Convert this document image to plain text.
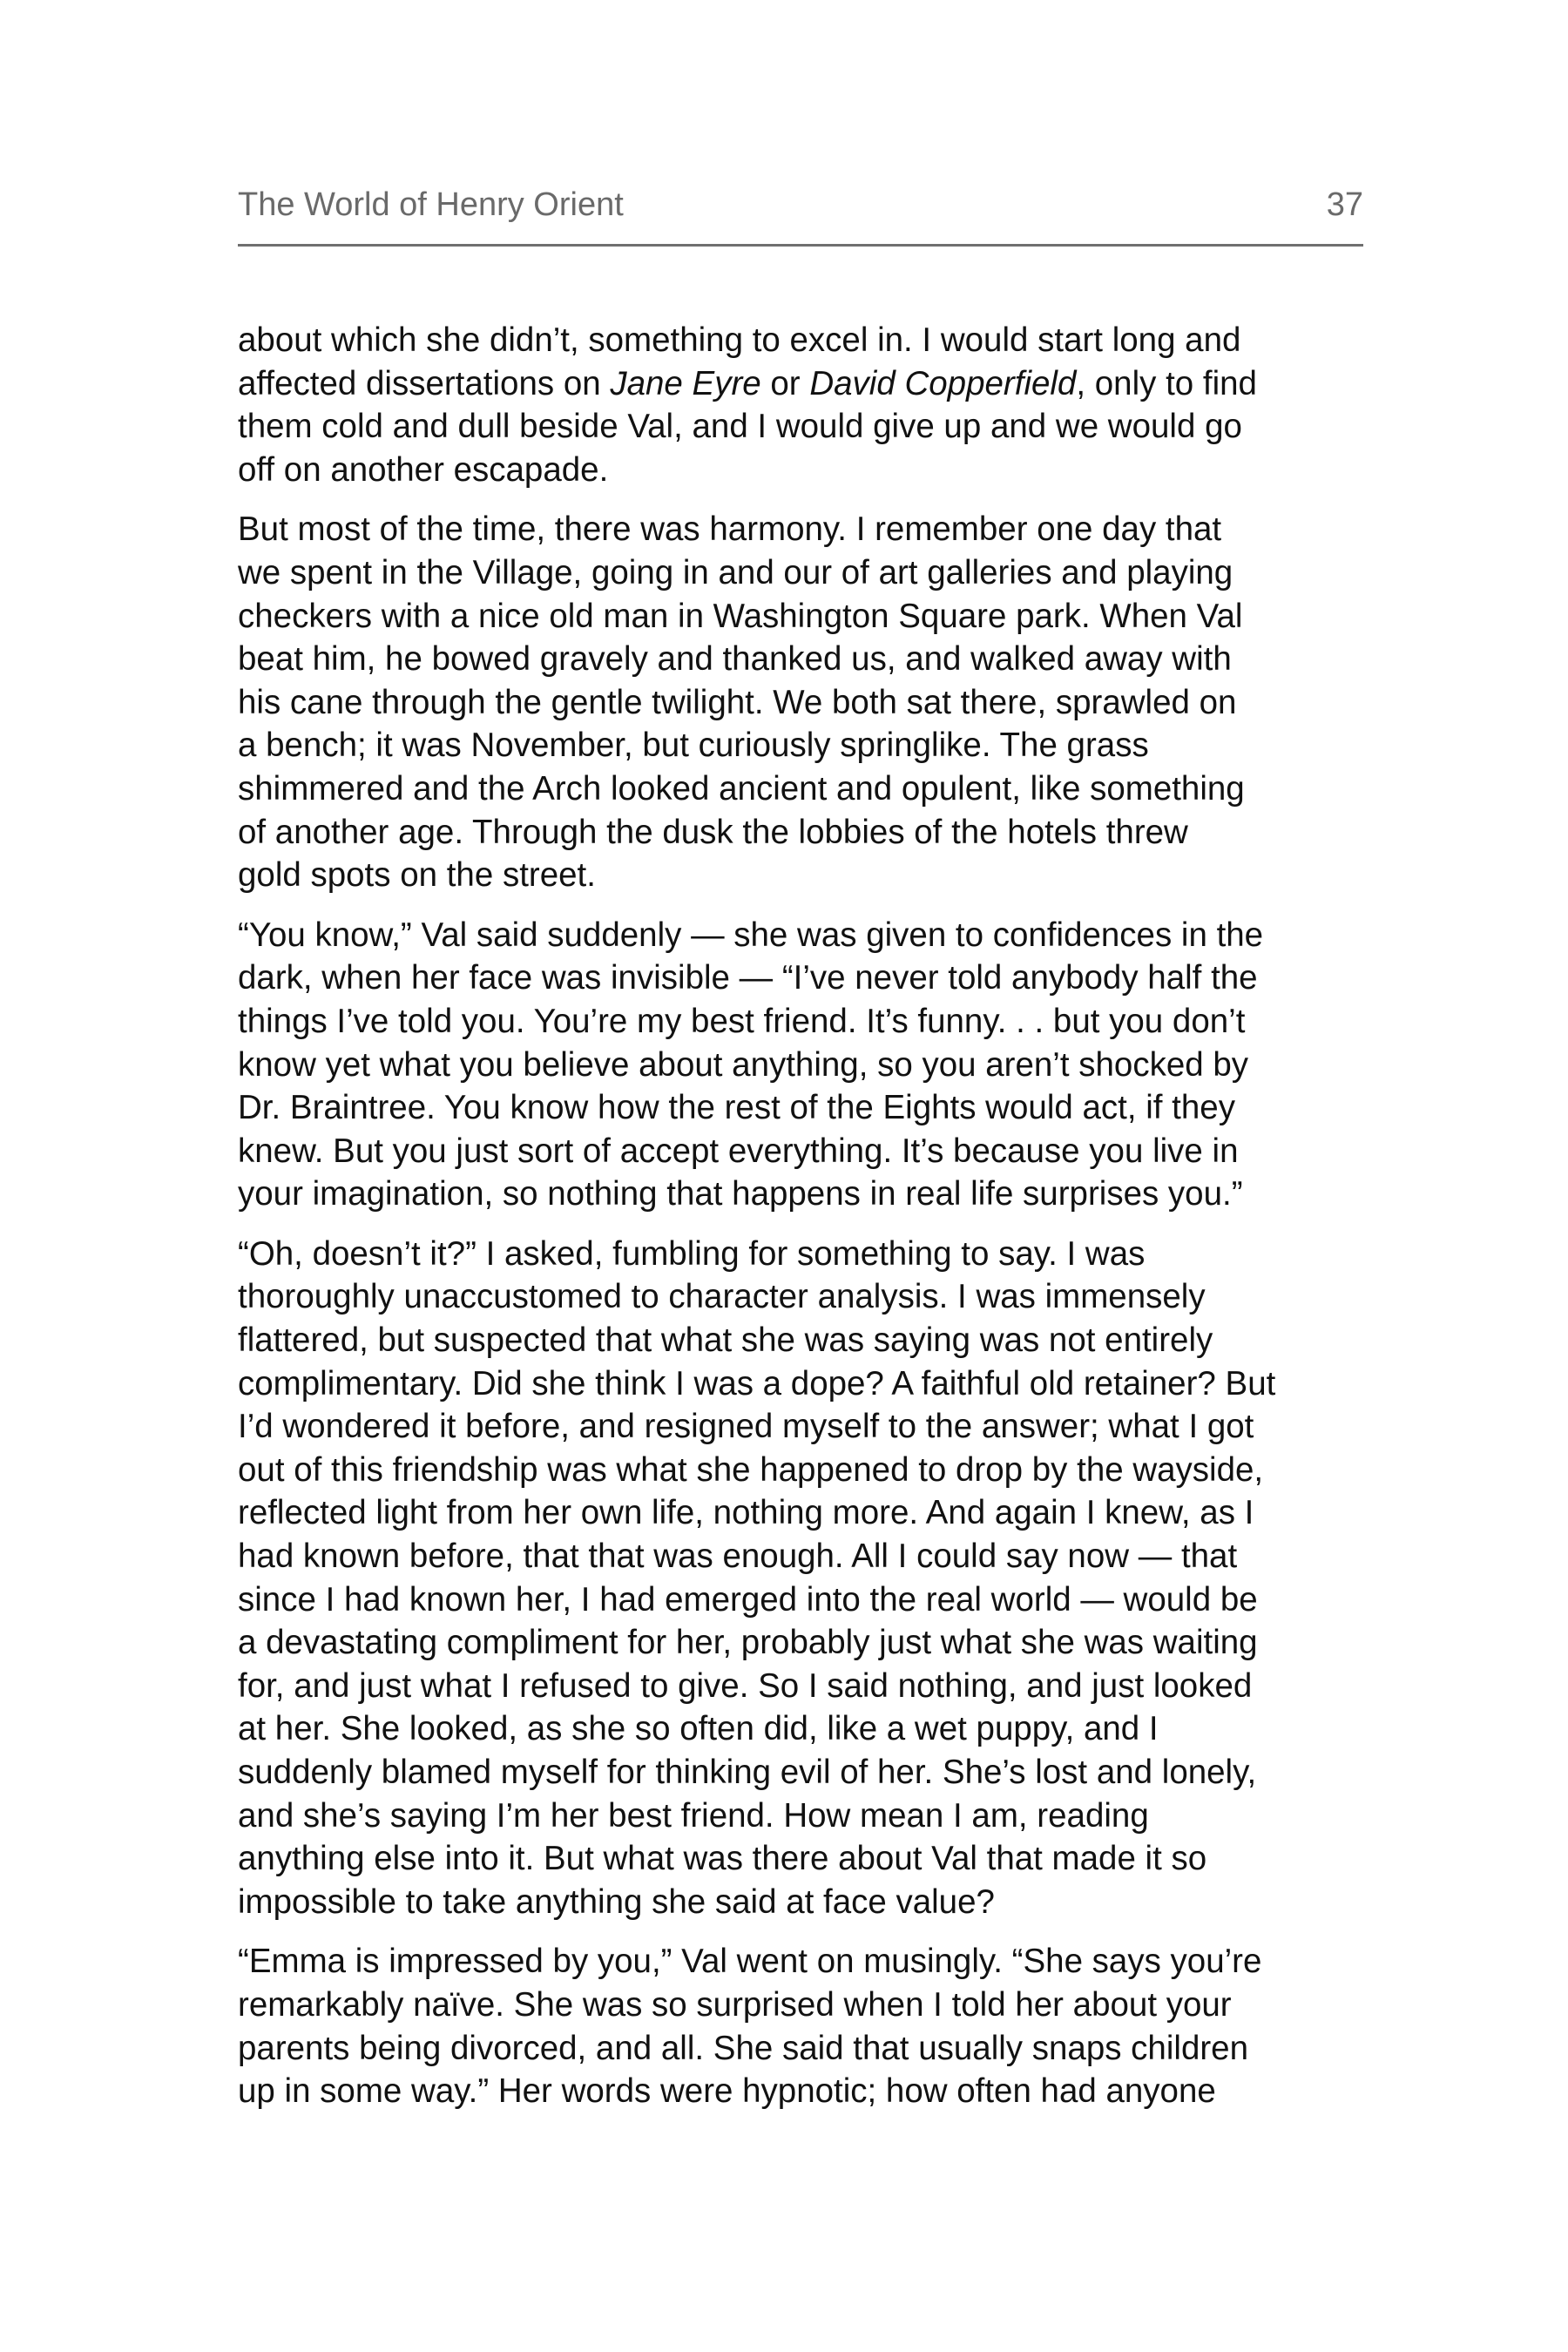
The World of Henry Orient	37

about which she didn’t, something to excel in. I would start long and
affected dissertations on Jane Eyre or David Copperfield, only to find
them cold and dull beside Val, and I would give up and we would go
off on another escapade.

But most of the time, there was harmony. I remember one day that
we spent in the Village, going in and our of art galleries and playing
checkers with a nice old man in Washington Square park. When Val
beat him, he bowed gravely and thanked us, and walked away with
his cane through the gentle twilight. We both sat there, sprawled on
a bench; it was November, but curiously springlike. The grass
shimmered and the Arch looked ancient and opulent, like something
of another age. Through the dusk the lobbies of the hotels threw
gold spots on the street.

“You know,” Val said suddenly — she was given to confidences in the
dark, when her face was invisible — “I’ve never told anybody half the
things I’ve told you. You’re my best friend. It’s funny. . . but you don’t
know yet what you believe about anything, so you aren’t shocked by
Dr. Braintree. You know how the rest of the Eights would act, if they
knew. But you just sort of accept everything. It’s because you live in
your imagination, so nothing that happens in real life surprises you.”

“Oh, doesn’t it?” I asked, fumbling for something to say. I was
thoroughly unaccustomed to character analysis. I was immensely
flattered, but suspected that what she was saying was not entirely
complimentary. Did she think I was a dope? A faithful old retainer? But
I’d wondered it before, and resigned myself to the answer; what I got
out of this friendship was what she happened to drop by the wayside,
reflected light from her own life, nothing more. And again I knew, as I
had known before, that that was enough. All I could say now — that
since I had known her, I had emerged into the real world — would be
a devastating compliment for her, probably just what she was waiting
for, and just what I refused to give. So I said nothing, and just looked
at her. She looked, as she so often did, like a wet puppy, and I
suddenly blamed myself for thinking evil of her. She’s lost and lonely,
and she’s saying I’m her best friend. How mean I am, reading
anything else into it. But what was there about Val that made it so
impossible to take anything she said at face value?

“Emma is impressed by you,” Val went on musingly. “She says you’re
remarkably naïve. She was so surprised when I told her about your
parents being divorced, and all. She said that usually snaps children
up in some way.” Her words were hypnotic; how often had anyone
